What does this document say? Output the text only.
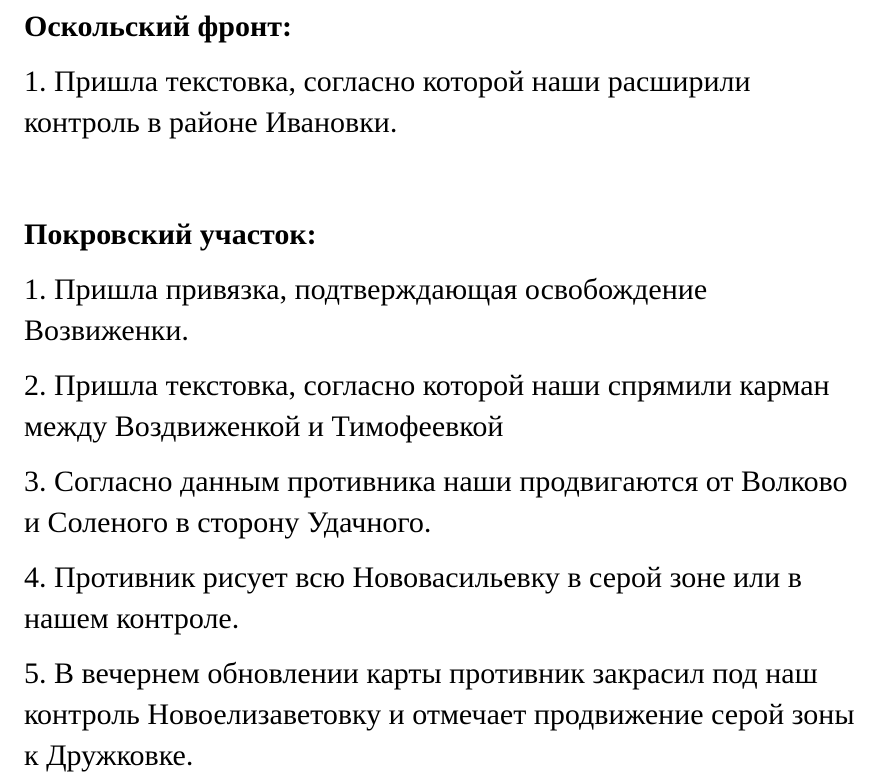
Оскольский фронт:

1. Пришла текстовка, согласно которой наши расширили контроль в районе Ивановки.

Покровский участок:

1. Пришла привязка, подтверждающая освобождение Возвиженки.

2. Пришла текстовка, согласно которой наши спрямили карман между Воздвиженкой и Тимофеевкой

3. Согласно данным противника наши продвигаются от Волково и Соленого в сторону Удачного.

4. Противник рисует всю Нововасильевку в серой зоне или в нашем контроле.

5. В вечернем обновлении карты противник закрасил под наш контроль Новоелизаветовку и отмечает продвижение серой зоны к Дружковке.
